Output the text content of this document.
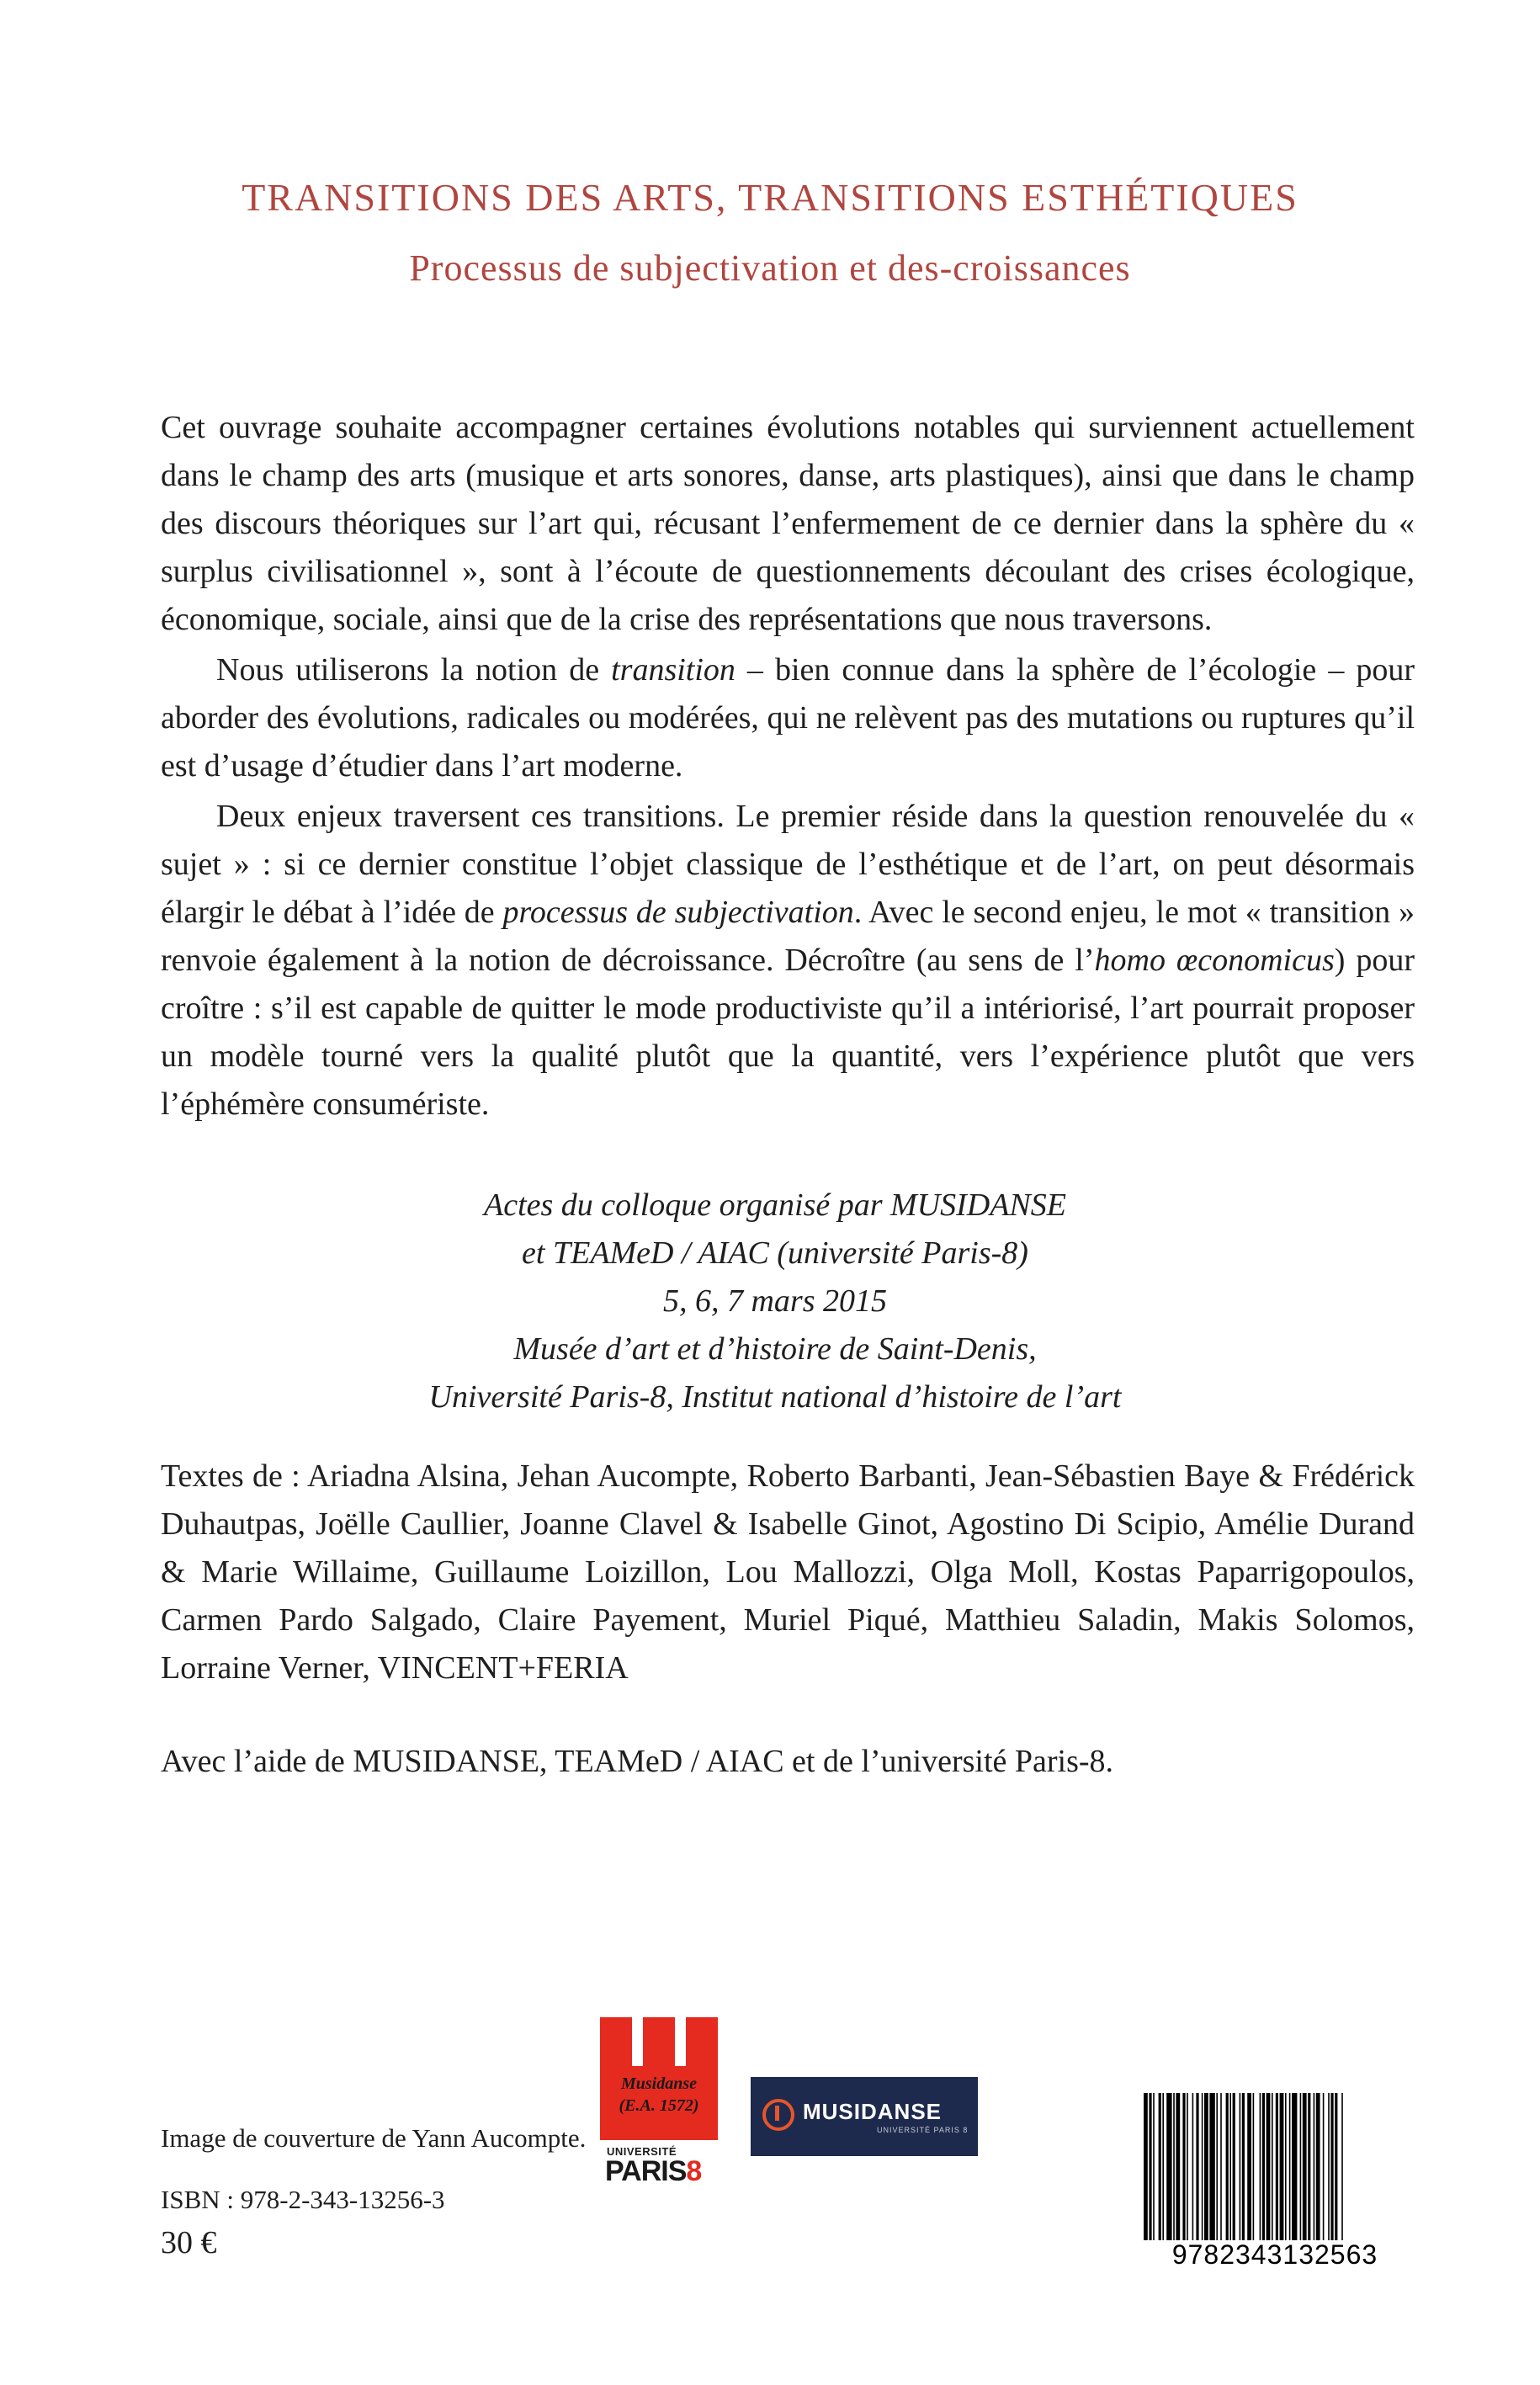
TRANSITIONS DES ARTS, TRANSITIONS ESTHÉTIQUES
Processus de subjectivation et des-croissances

Cet ouvrage souhaite accompagner certaines évolutions notables qui surviennent actuellement dans le champ des arts (musique et arts sonores, danse, arts plastiques), ainsi que dans le champ des discours théoriques sur l’art qui, récusant l’enfermement de ce dernier dans la sphère du « surplus civilisationnel », sont à l’écoute de questionnements découlant des crises écologique, économique, sociale, ainsi que de la crise des représentations que nous traversons.

Nous utiliserons la notion de transition – bien connue dans la sphère de l’écologie – pour aborder des évolutions, radicales ou modérées, qui ne relèvent pas des mutations ou ruptures qu’il est d’usage d’étudier dans l’art moderne.

Deux enjeux traversent ces transitions. Le premier réside dans la question renouvelée du « sujet » : si ce dernier constitue l’objet classique de l’esthétique et de l’art, on peut désormais élargir le débat à l’idée de processus de subjectivation. Avec le second enjeu, le mot « transition » renvoie également à la notion de décroissance. Décroître (au sens de l’homo œconomicus) pour croître : s’il est capable de quitter le mode productiviste qu’il a intériorisé, l’art pourrait proposer un modèle tourné vers la qualité plutôt que la quantité, vers l’expérience plutôt que vers l’éphémère consumériste.

Actes du colloque organisé par MUSIDANSE
et TEAMeD / AIAC (université Paris-8)
5, 6, 7 mars 2015
Musée d’art et d’histoire de Saint-Denis,
Université Paris-8, Institut national d’histoire de l’art

Textes de : Ariadna Alsina, Jehan Aucompte, Roberto Barbanti, Jean-Sébastien Baye & Frédérick Duhautpas, Joëlle Caullier, Joanne Clavel & Isabelle Ginot, Agostino Di Scipio, Amélie Durand & Marie Willaime, Guillaume Loizillon, Lou Mallozzi, Olga Moll, Kostas Paparrigopoulos, Carmen Pardo Salgado, Claire Payement, Muriel Piqué, Matthieu Saladin, Makis Solomos, Lorraine Verner, VINCENT+FERIA

Avec l’aide de MUSIDANSE, TEAMeD / AIAC et de l’université Paris-8.
Musidanse
(E.A. 1572)
UNIVERSITÉ
PARIS8
MUSIDANSE
UNIVERSITÉ PARIS 8
Image de couverture de Yann Aucompte.
ISBN : 978-2-343-13256-3
30 €	9782343132563
